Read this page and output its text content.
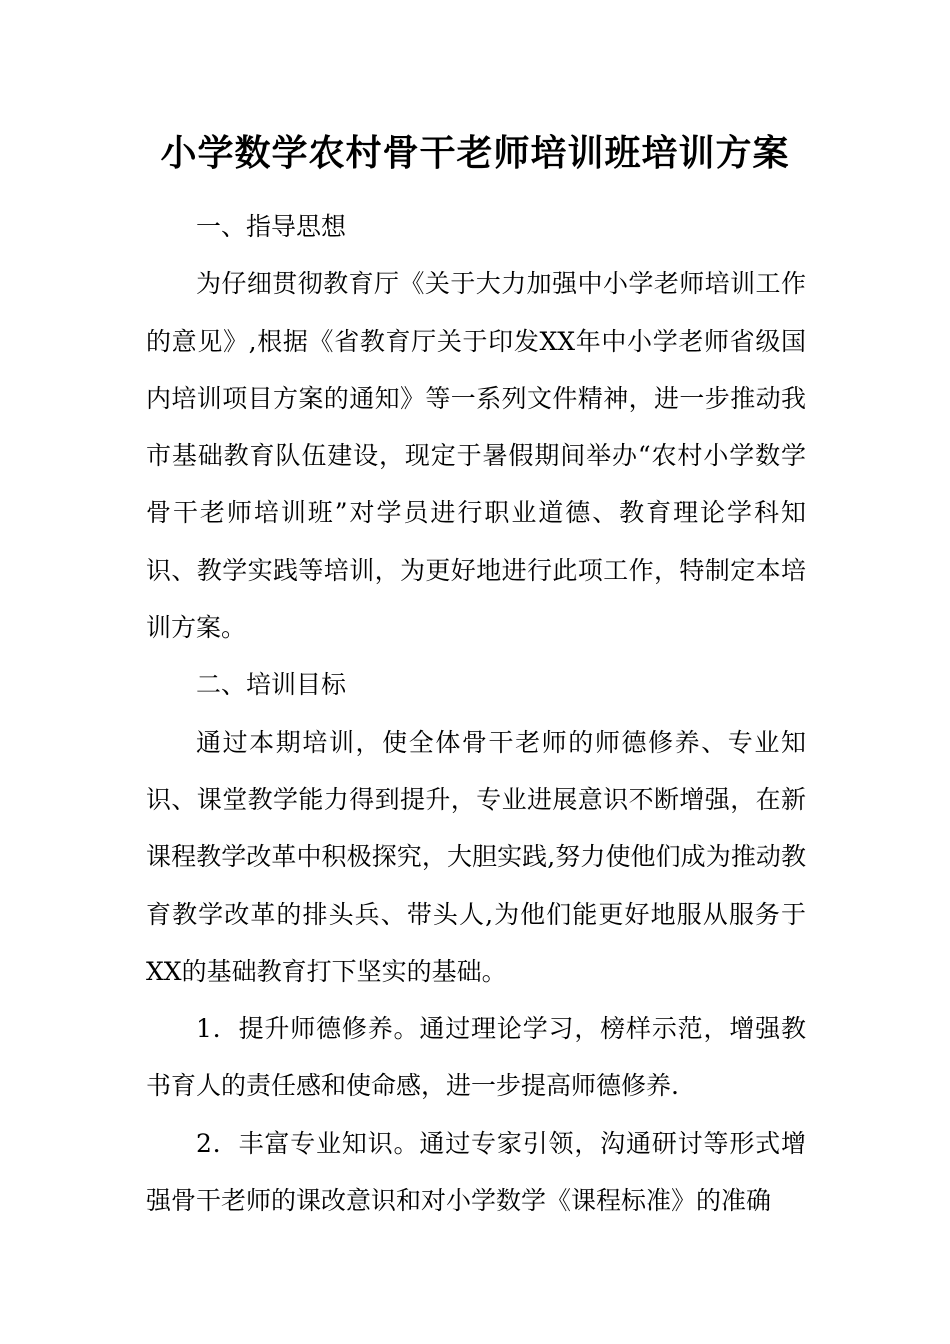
小学数学农村骨干老师培训班培训方案

一、指导思想

为仔细贯彻教育厅《关于大力加强中小学老师培训工作的意见》,根据《省教育厅关于印发XX年中小学老师省级国内培训项目方案的通知》等一系列文件精神，进一步推动我市基础教育队伍建设，现定于暑假期间举办“农村小学数学骨干老师培训班”对学员进行职业道德、教育理论学科知识、教学实践等培训，为更好地进行此项工作，特制定本培训方案。

二、培训目标

通过本期培训，使全体骨干老师的师德修养、专业知识、课堂教学能力得到提升，专业进展意识不断增强，在新课程教学改革中积极探究，大胆实践,努力使他们成为推动教育教学改革的排头兵、带头人,为他们能更好地服从服务于XX的基础教育打下坚实的基础。

1．提升师德修养。通过理论学习，榜样示范，增强教书育人的责任感和使命感，进一步提高师德修养.

2．丰富专业知识。通过专家引领，沟通研讨等形式增强骨干老师的课改意识和对小学数学《课程标准》的准确
